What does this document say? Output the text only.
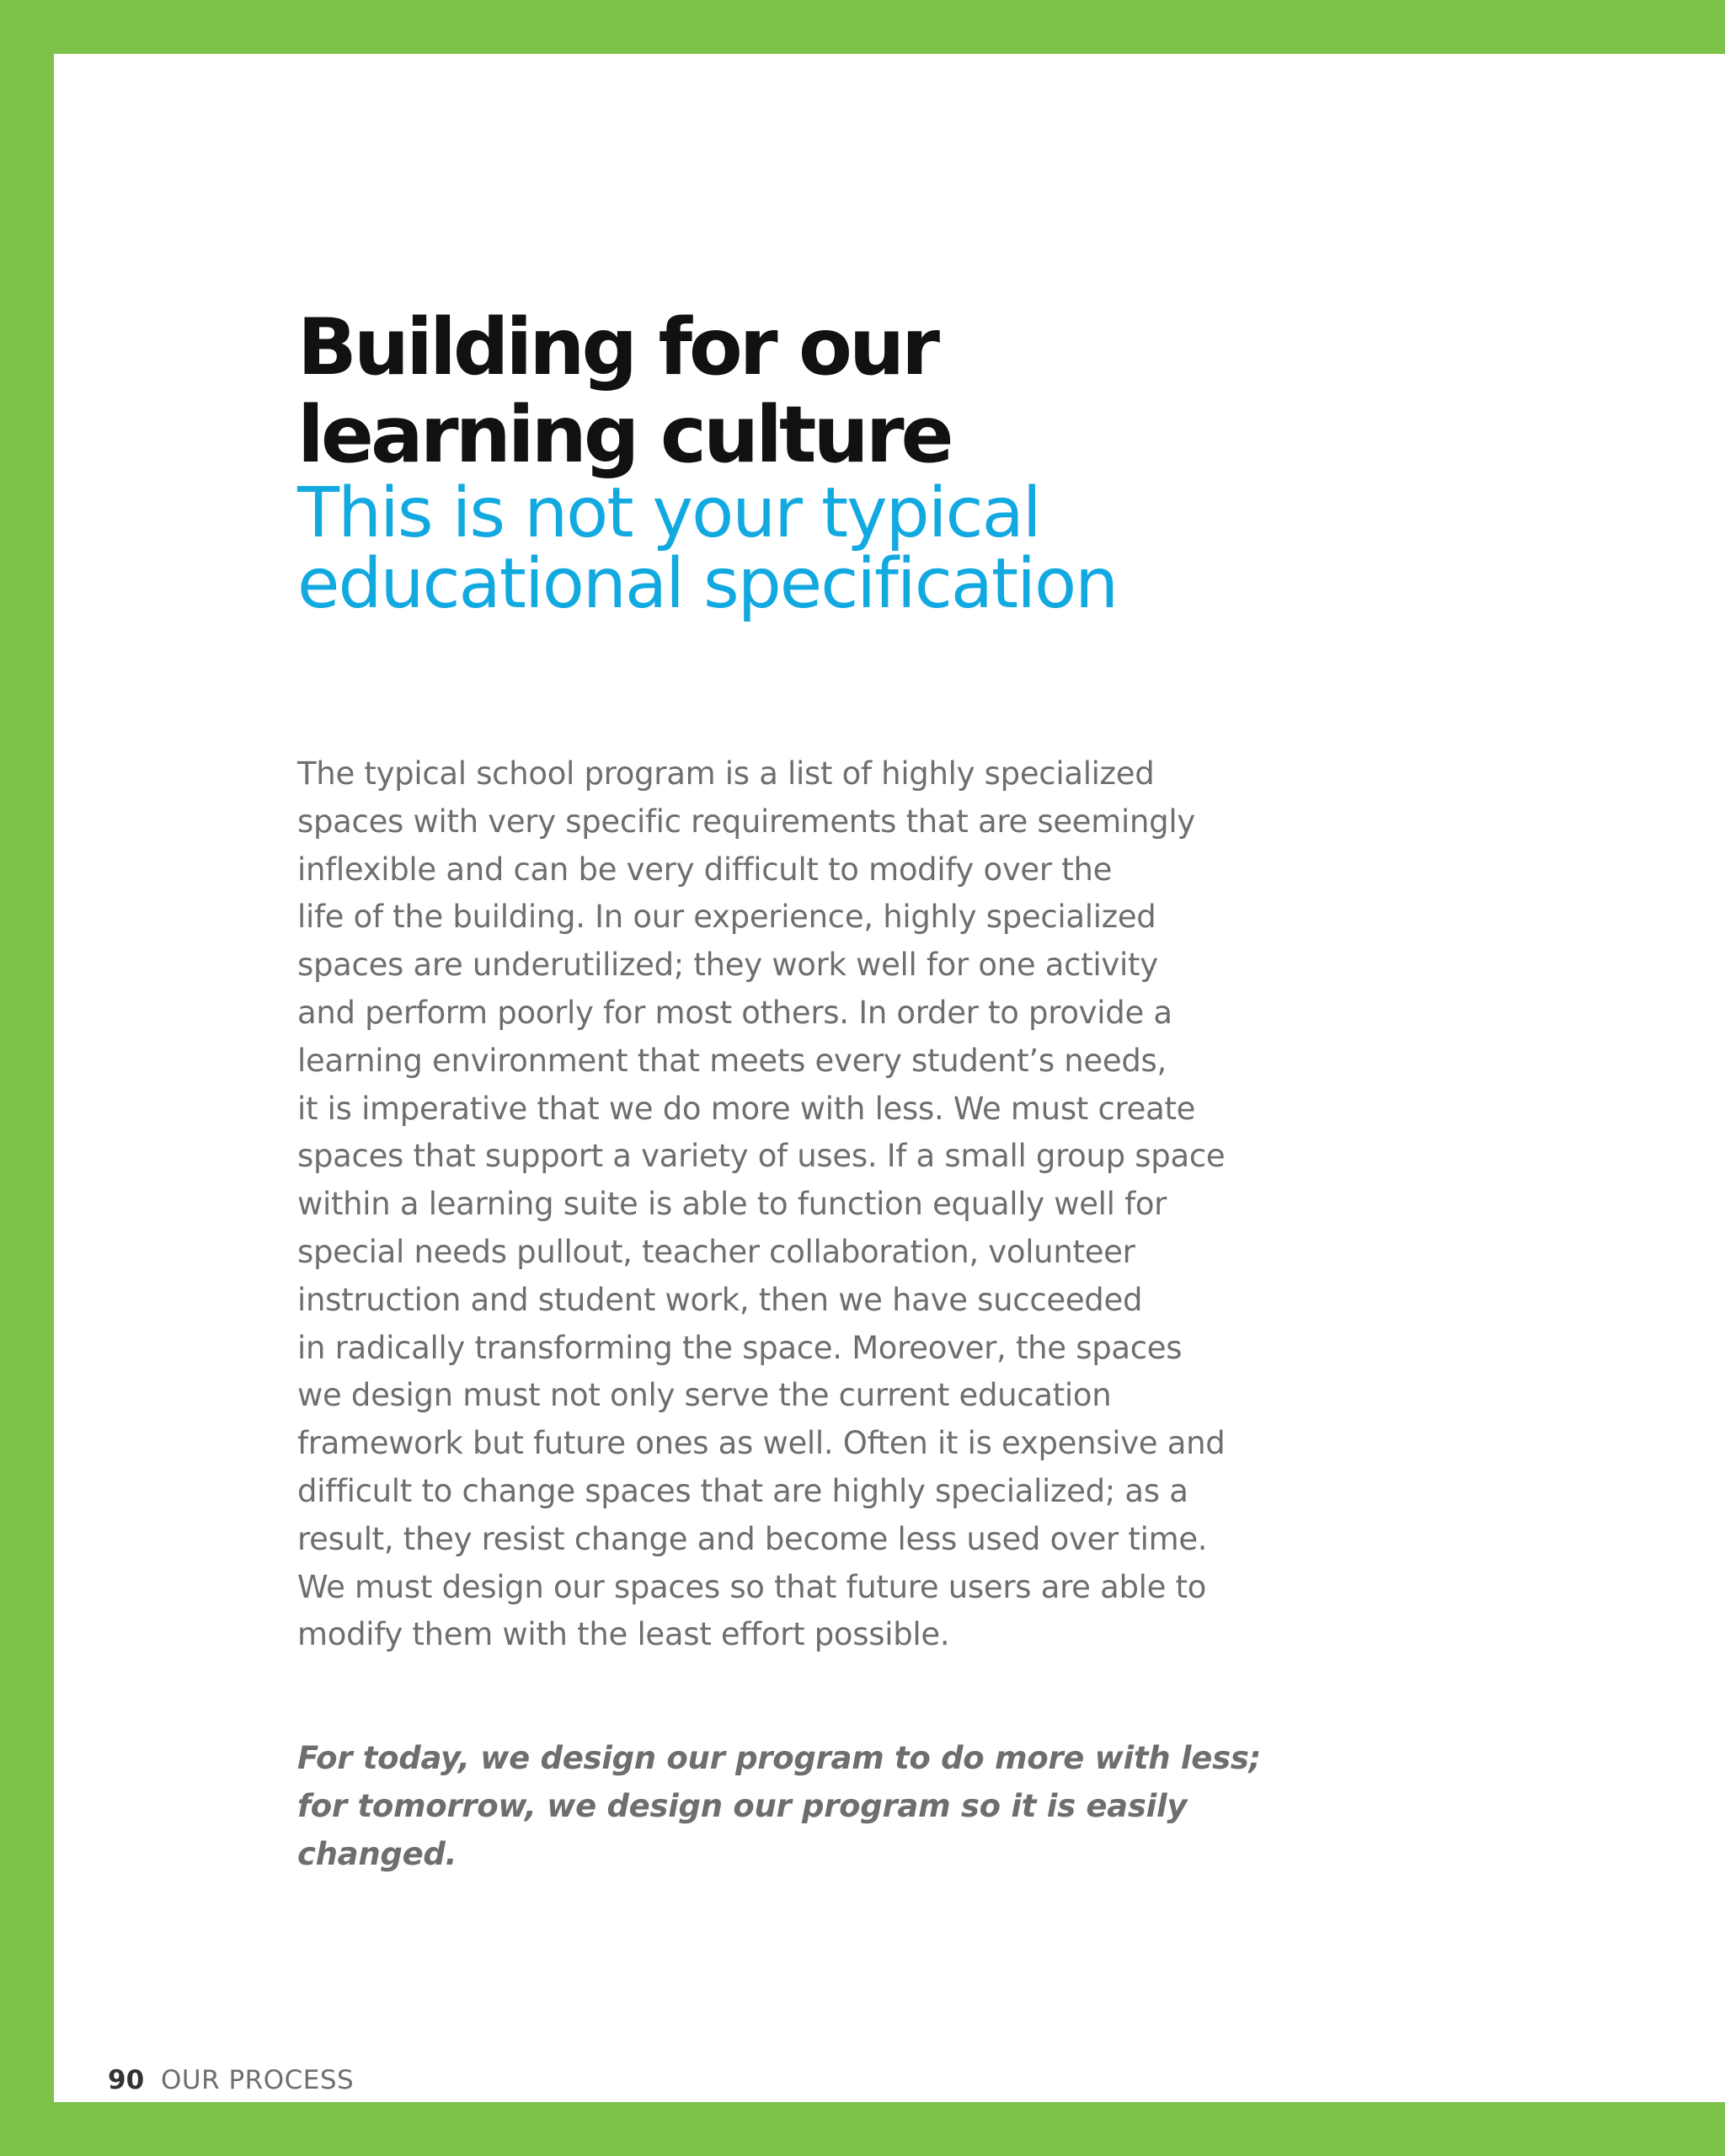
Building for our
learning culture
This is not your typical
educational specification

The typical school program is a list of highly specialized
spaces with very specific requirements that are seemingly
inflexible and can be very difficult to modify over the
life of the building. In our experience, highly specialized
spaces are underutilized; they work well for one activity
and perform poorly for most others. In order to provide a
learning environment that meets every student’s needs,
it is imperative that we do more with less. We must create
spaces that support a variety of uses. If a small group space
within a learning suite is able to function equally well for
special needs pullout, teacher collaboration, volunteer
instruction and student work, then we have succeeded
in radically transforming the space. Moreover, the spaces
we design must not only serve the current education
framework but future ones as well. Often it is expensive and
difficult to change spaces that are highly specialized; as a
result, they resist change and become less used over time.
We must design our spaces so that future users are able to
modify them with the least effort possible.

For today, we design our program to do more with less;
for tomorrow, we design our program so it is easily
changed.

90 OUR PROCESS
